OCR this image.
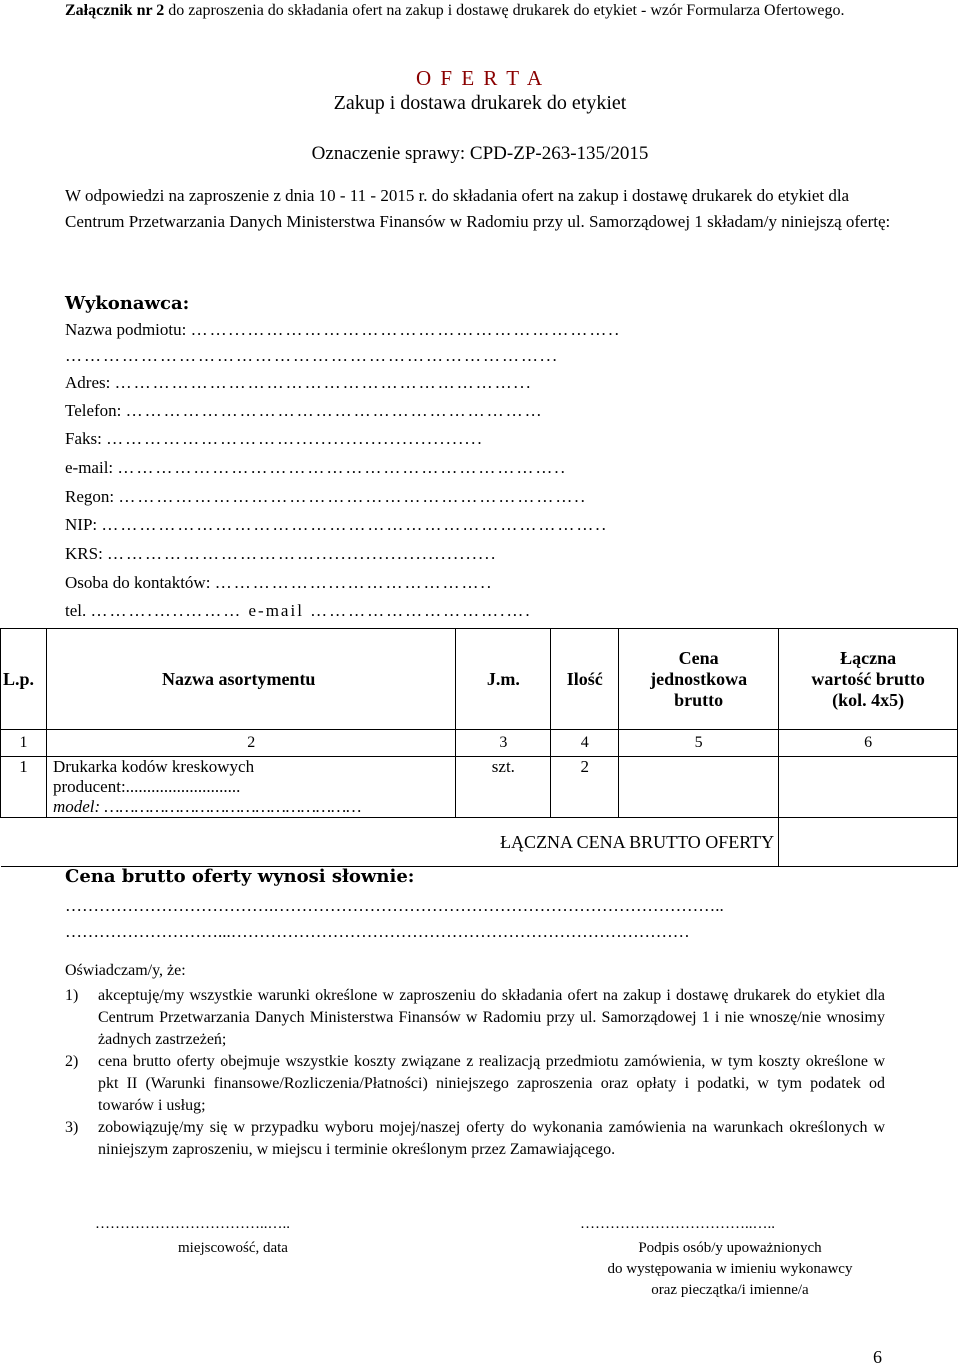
Załącznik nr 2 do zaproszenia do składania ofert na zakup i dostawę drukarek do etykiet - wzór Formularza Ofertowego.
O F E R T A
Zakup i dostawa drukarek do etykiet
Oznaczenie sprawy: CPD-ZP-263-135/2015
W odpowiedzi na zaproszenie z dnia 10 - 11 - 2015 r. do składania ofert na zakup i dostawę drukarek do etykiet dla Centrum Przetwarzania Danych Ministerstwa Finansów w Radomiu przy ul. Samorządowej 1 składam/y niniejszą ofertę:
Wykonawca:
Nazwa podmiotu: ……...…………………………………………………..
…………………………………………………………………...
Adres: ………………………………………………………...
Telefon: …………………………………………………………
Faks: …………………………..............................
e-mail: ……………………………………………………………..
Regon: ………………………………………………………………..
NIP: ……………………………………………………………………..
KRS: …………………………….............................
Osoba do kontaktów: ………………...…………………..
tel. ……….…..……… e-mail ………………………….….
L.p.	Nazwa asortymentu	J.m.	Ilość	Cena jednostkowa brutto	Łączna wartość brutto (kol. 4x5)
1	2	3	4	5	6
1	Drukarka kodów kreskowych
producent:...........................
model: ……………………………………………	szt.	2		
ŁĄCZNA CENA BRUTTO OFERTY					
Cena brutto oferty wynosi słownie:
……………………………….……………………………………………………………………..
………………………...………………………………………………………………………
Oświadczam/y, że:
1) akceptuję/my wszystkie warunki określone w zaproszeniu do składania ofert na zakup i dostawę drukarek do etykiet dla Centrum Przetwarzania Danych Ministerstwa Finansów w Radomiu przy ul. Samorządowej 1 i nie wnoszę/nie wnosimy żadnych zastrzeżeń;
2) cena brutto oferty obejmuje wszystkie koszty związane z realizacją przedmiotu zamówienia, w tym koszty określone w pkt II (Warunki finansowe/Rozliczenia/Płatności) niniejszego zaproszenia oraz opłaty i podatki, w tym podatek od towarów i usług;
3) zobowiązuję/my się w przypadku wyboru mojej/naszej oferty do wykonania zamówienia na warunkach określonych w niniejszym zaproszeniu, w miejscu i terminie określonym przez Zamawiającego.
……………………………..…..
miejscowość, data
……………………………..…..
Podpis osób/y upoważnionych
do występowania w imieniu wykonawcy
oraz pieczątka/i imienne/a
6
